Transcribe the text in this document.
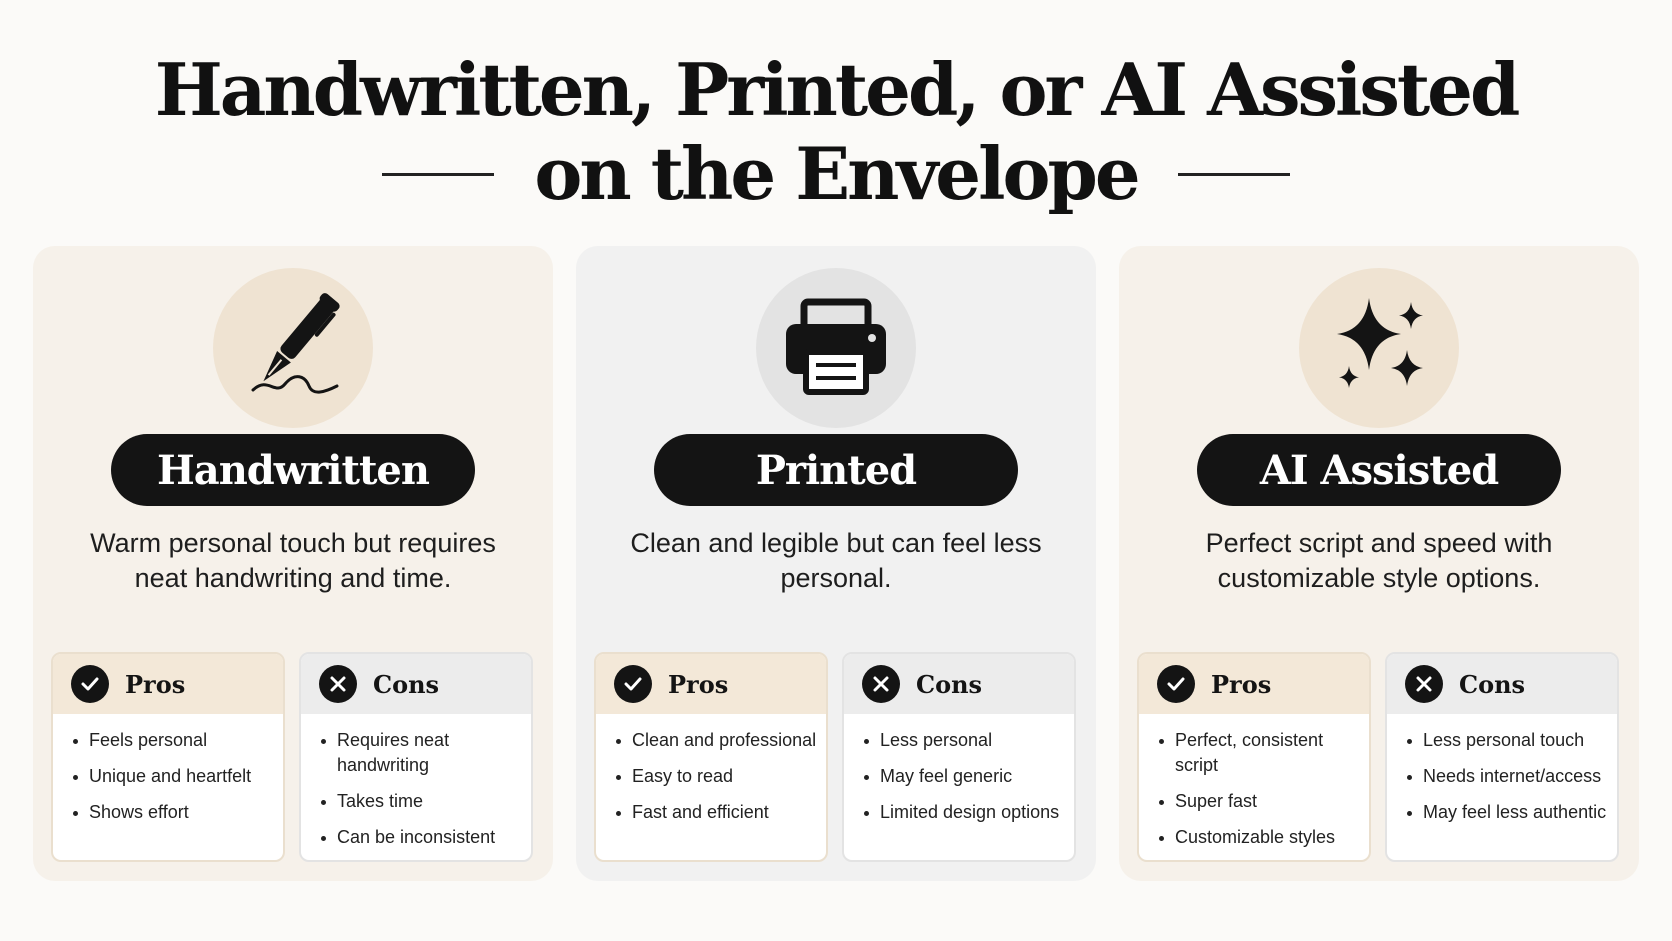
Handwritten, Printed, or AI Assisted
on the Envelope
Handwritten
Warm personal touch but requires neat handwriting and time.
Pros
Feels personal
Unique and heartfelt
Shows effort
Cons
Requires neat handwriting
Takes time
Can be inconsistent
Printed
Clean and legible but can feel less personal.
Pros
Clean and professional
Easy to read
Fast and efficient
Cons
Less personal
May feel generic
Limited design options
AI Assisted
Perfect script and speed with customizable style options.
Pros
Perfect, consistent script
Super fast
Customizable styles
Cons
Less personal touch
Needs internet/access
May feel less authentic
